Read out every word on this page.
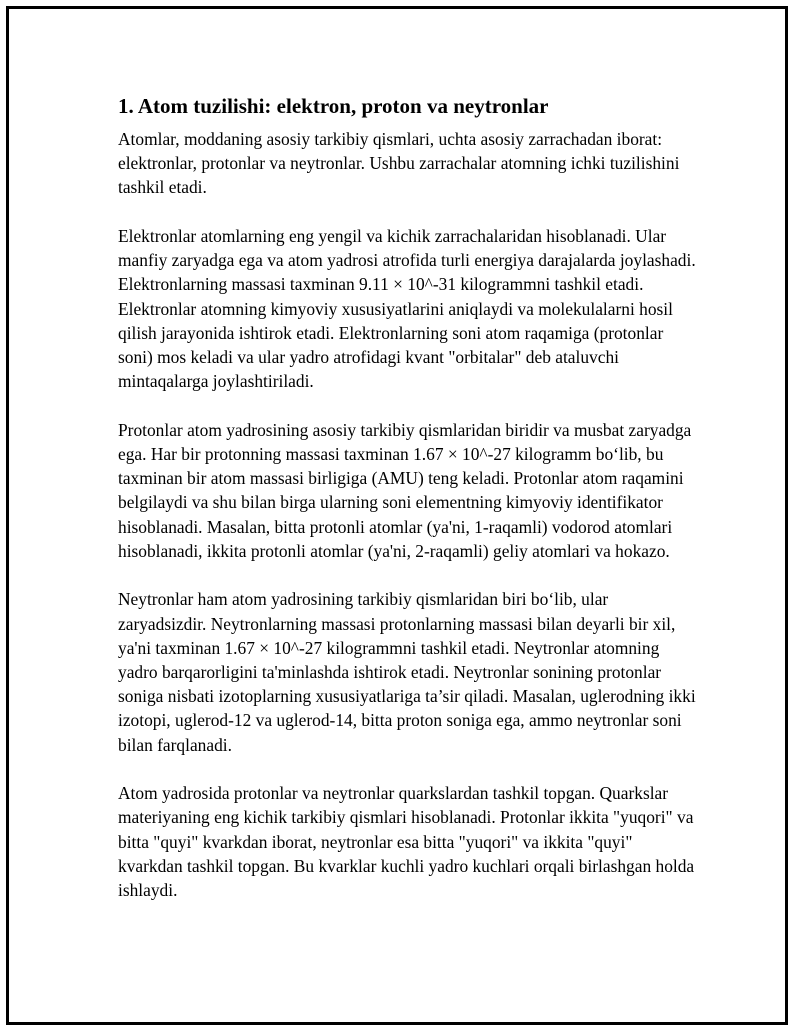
1. Atom tuzilishi: elektron, proton va neytronlar

Atomlar, moddaning asosiy tarkibiy qismlari, uchta asosiy zarrachadan iborat: elektronlar, protonlar va neytronlar. Ushbu zarrachalar atomning ichki tuzilishini tashkil etadi.

Elektronlar atomlarning eng yengil va kichik zarrachalaridan hisoblanadi. Ular manfiy zaryadga ega va atom yadrosi atrofida turli energiya darajalarda joylashadi. Elektronlarning massasi taxminan 9.11 × 10^-31 kilogrammni tashkil etadi. Elektronlar atomning kimyoviy xususiyatlarini aniqlaydi va molekulalarni hosil qilish jarayonida ishtirok etadi. Elektronlarning soni atom raqamiga (protonlar soni) mos keladi va ular yadro atrofidagi kvant "orbitalar" deb ataluvchi mintaqalarga joylashtiriladi.

Protonlar atom yadrosining asosiy tarkibiy qismlaridan biridir va musbat zaryadga ega. Har bir protonning massasi taxminan 1.67 × 10^-27 kilogramm bo‘lib, bu taxminan bir atom massasi birligiga (AMU) teng keladi. Protonlar atom raqamini belgilaydi va shu bilan birga ularning soni elementning kimyoviy identifikator hisoblanadi. Masalan, bitta protonli atomlar (ya'ni, 1-raqamli) vodorod atomlari hisoblanadi, ikkita protonli atomlar (ya'ni, 2-raqamli) geliy atomlari va hokazo.

Neytronlar ham atom yadrosining tarkibiy qismlaridan biri bo‘lib, ular zaryadsizdir. Neytronlarning massasi protonlarning massasi bilan deyarli bir xil, ya'ni taxminan 1.67 × 10^-27 kilogrammni tashkil etadi. Neytronlar atomning yadro barqarorligini ta'minlashda ishtirok etadi. Neytronlar sonining protonlar soniga nisbati izotoplarning xususiyatlariga ta’sir qiladi. Masalan, uglerodning ikki izotopi, uglerod-12 va uglerod-14, bitta proton soniga ega, ammo neytronlar soni bilan farqlanadi.

Atom yadrosida protonlar va neytronlar quarkslardan tashkil topgan. Quarkslar materiyaning eng kichik tarkibiy qismlari hisoblanadi. Protonlar ikkita "yuqori" va bitta "quyi" kvarkdan iborat, neytronlar esa bitta "yuqori" va ikkita "quyi" kvarkdan tashkil topgan. Bu kvarklar kuchli yadro kuchlari orqali birlashgan holda ishlaydi.
